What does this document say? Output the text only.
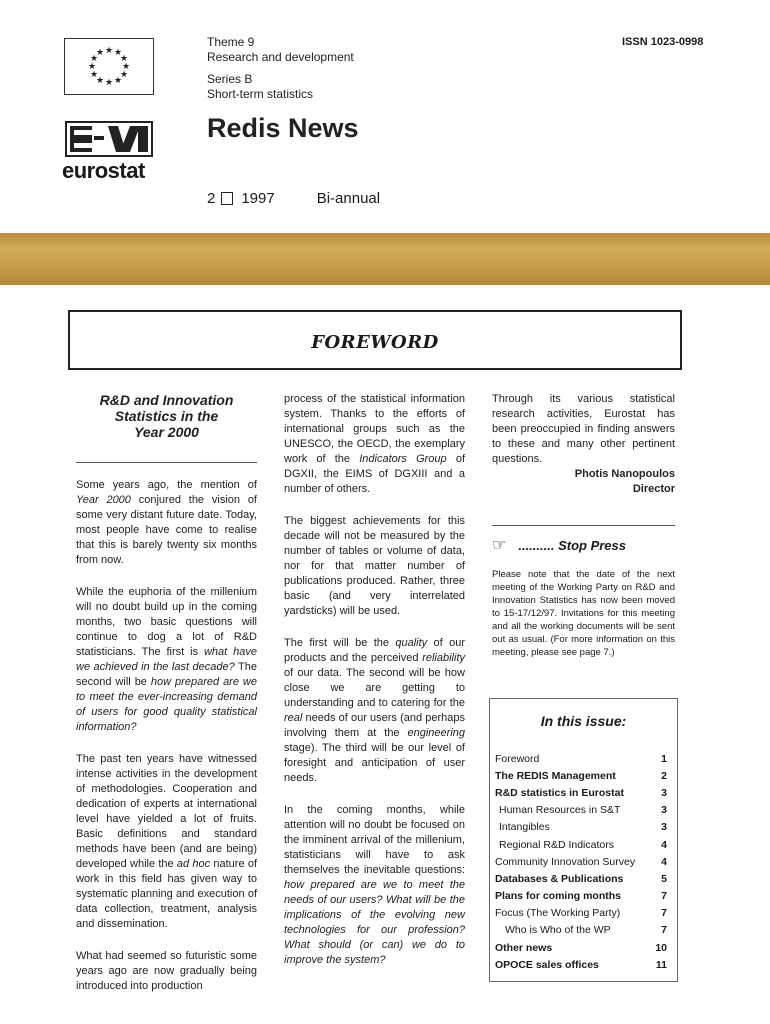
★ ★
★
★
★
★
★
★
★
★
★
★
Theme 9
Research and development
Series B
Short-term statistics
ISSN 1023-0998
eurostat
Redis News
2 1997	Bi-annual
FOREWORD
R&D and Innovation
Statistics in the
Year 2000

Some years ago, the mention of Year 2000 conjured the vision of some very distant future date. Today, most people have come to realise that this is barely twenty six months from now.

While the euphoria of the millenium will no doubt build up in the coming months, two basic questions will continue to dog a lot of R&D statisticians. The first is what have we achieved in the last decade? The second will be how prepared are we to meet the ever-increasing demand of users for good quality statistical information?

The past ten years have witnessed intense activities in the development of methodologies. Cooperation and dedication of experts at international level have yielded a lot of fruits. Basic definitions and standard methods have been (and are being) developed while the ad hoc nature of work in this field has given way to systematic planning and execution of data collection, treatment, analysis and dissemination.

What had seemed so futuristic some years ago are now gradually being introduced into production

process of the statistical information system. Thanks to the efforts of international groups such as the UNESCO, the OECD, the exemplary work of the Indicators Group of DGXII, the EIMS of DGXIII and a number of others.

The biggest achievements for this decade will not be measured by the number of tables or volume of data, nor for that matter number of publications produced. Rather, three basic (and very interrelated yardsticks) will be used.

The first will be the quality of our products and the perceived reliability of our data. The second will be how close we are getting to understanding and to catering for the real needs of our users (and perhaps involving them at the engineering stage). The third will be our level of foresight and anticipation of user needs.

In the coming months, while attention will no doubt be focused on the imminent arrival of the millenium, statisticians will have to ask themselves the inevitable questions: how prepared are we to meet the needs of our users? What will be the implications of the evolving new technologies for our profession? What should (or can) we do to improve the system?

Through its various statistical research activities, Eurostat has been preoccupied in finding answers to these and many other pertinent questions.

Photis Nanopoulos
Director
☞ .......... Stop Press
Please note that the date of the next meeting of the Working Party on R&D and Innovation Statistics has now been moved to 15-17/12/97. Invitations for this meeting and all the working documents will be sent out as usual. (For more information on this meeting, please see page 7.)
In this issue:
Foreword	1
The REDIS Management	2
R&D statistics in Eurostat	3
Human Resources in S&T	3
Intangibles	3
Regional R&D Indicators	4
Community Innovation Survey 4
Databases & Publications	5
Plans for coming months	7
Focus (The Working Party)	7
Who is Who of the WP	7
Other news	10
OPOCE sales offices	11
